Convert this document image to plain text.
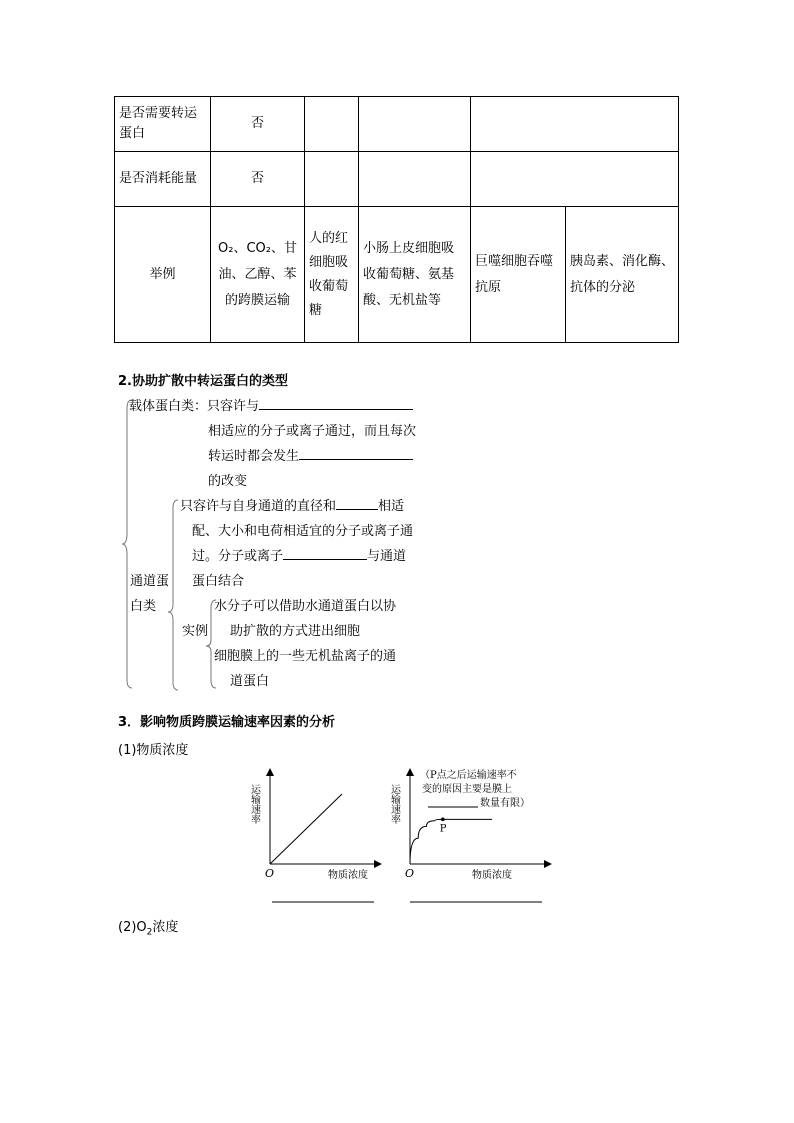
是否需要转运蛋白	否				
是否消耗能量	否				
举例	O₂、CO₂、甘油、乙醇、苯的跨膜运输	人的红细胞吸收葡萄糖	小肠上皮细胞吸收葡萄糖、氨基酸、无机盐等	巨噬细胞吞噬抗原	胰岛素、消化酶、抗体的分泌
2.协助扩散中转运蛋白的类型
载体蛋白类：只容许与
相适应的分子或离子通过，而且每次
转运时都会发生
的改变
只容许与自身通道的直径和	相适
配、大小和电荷相适宜的分子或离子通
过。分子或离子	与通道
通道蛋 蛋白结合
白类	水分子可以借助水通道蛋白以协
实例 助扩散的方式进出细胞
细胞膜上的一些无机盐离子的通
道蛋白
3．影响物质跨膜运输速率因素的分析
(1)物质浓度
O	物质浓度
运输速率
P
O	物质浓度
运输速率
（P点之后运输速率不
变的原因主要是膜上
数量有限）
$(2)O_2$浓度
